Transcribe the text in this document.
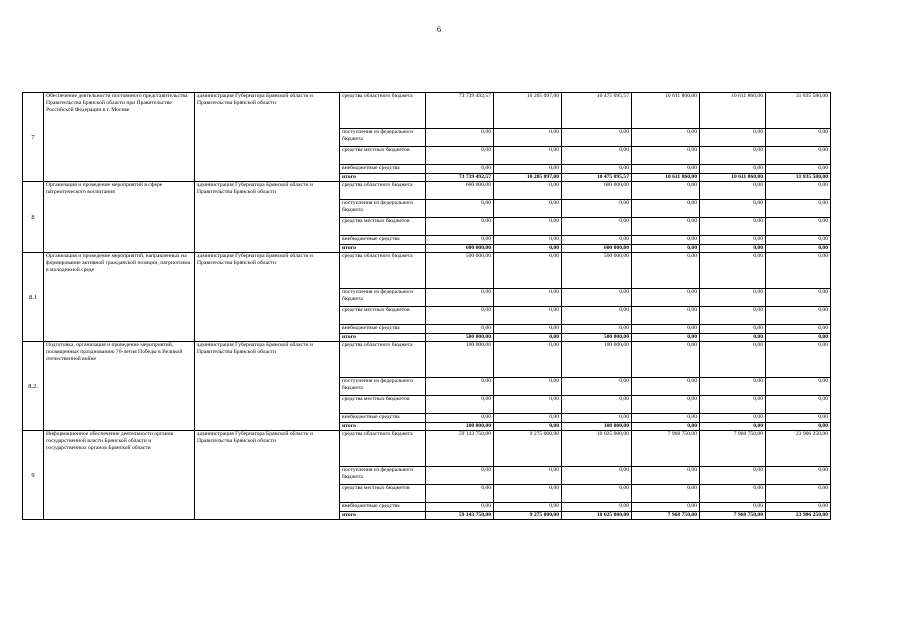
6
7	Обеспечение деятельности постоянного представительства Правительства Брянской области при Правительстве Российской Федерации в г. Москве	администрация Губернатора Брянской области и Правительства Брянской области	средства областного бюджета	73 739 492,57	10 205 097,00	10 475 095,57	10 611 860,00	10 611 860,00	31 835 580,00
			поступления из федерального бюджета	0,00	0,00	0,00	0,00	0,00	0,00
			средства местных бюджетов	0,00	0,00	0,00	0,00	0,00	0,00
			внебюджетные средства	0,00	0,00	0,00	0,00	0,00	0,00
			итого	73 739 492,57	10 205 097,00	10 475 095,57	10 611 860,00	10 611 860,00	31 835 580,00
8	Организация и проведение мероприятий в сфере патриотического воспитания	администрация Губернатора Брянской области и Правительства Брянской области	средства областного бюджета	600 000,00	0,00	600 000,00	0,00	0,00	0,00
			поступления из федерального бюджета	0,00	0,00	0,00	0,00	0,00	0,00
			средства местных бюджетов	0,00	0,00	0,00	0,00	0,00	0,00
			внебюджетные средства	0,00	0,00	0,00	0,00	0,00	0,00
			итого	600 000,00	0,00	600 000,00	0,00	0,00	0,00
8.1	Организация и проведение мероприятий, направленных на формирование активной гражданской позиции, патриотизма в молодежной среде	администрация Губернатора Брянской области и Правительства Брянской области	средства областного бюджета	500 000,00	0,00	500 000,00	0,00	0,00	0,00
			поступления из федерального бюджета	0,00	0,00	0,00	0,00	0,00	0,00
			средства местных бюджетов	0,00	0,00	0,00	0,00	0,00	0,00
			внебюджетные средства	0,00	0,00	0,00	0,00	0,00	0,00
			итого	500 000,00	0,00	500 000,00	0,00	0,00	0,00
8.2.	Подготовка, организация и проведение мероприятий, посвященных празднованию 70-летия Победы в Великой отечественной войне	администрация Губернатора Брянской области и Правительства Брянской области	средства областного бюджета	100 000,00	0,00	100 000,00	0,00	0,00	0,00
			поступления из федерального бюджета	0,00	0,00	0,00	0,00	0,00	0,00
			средства местных бюджетов	0,00	0,00	0,00	0,00	0,00	0,00
			внебюджетные средства	0,00	0,00	0,00	0,00	0,00	0,00
			итого	100 000,00	0,00	100 000,00	0,00	0,00	0,00
9	Информационное обеспечение деятельности органов государственной власти Брянской области и государственных органов Брянской области	администрация Губернатора Брянской области и Правительства Брянской области	средства областного бюджета	59 143 750,00	9 275 000,00	10 025 000,00	7 968 750,00	7 968 750,00	23 906 250,00
			поступления из федерального бюджета	0,00	0,00	0,00	0,00	0,00	0,00
			средства местных бюджетов	0,00	0,00	0,00	0,00	0,00	0,00
			внебюджетные средства	0,00	0,00	0,00	0,00	0,00	0,00
			итого	59 143 750,00	9 275 000,00	10 025 000,00	7 968 750,00	7 968 750,00	23 906 250,00
